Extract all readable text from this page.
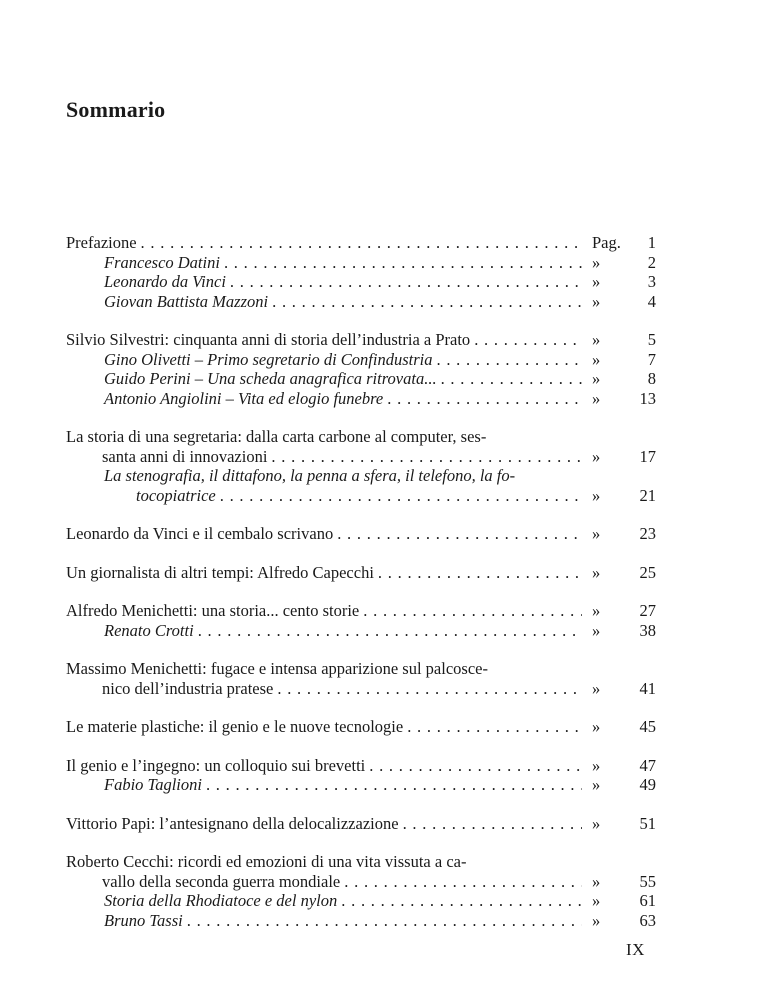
Sommario
Prefazione . . .	Pag.	1
Francesco Datini . . .	»	2
Leonardo da Vinci . . .	»	3
Giovan Battista Mazzoni . . .	»	4
Silvio Silvestri: cinquanta anni di storia dell’industria a Prato . . .	»	5
Gino Olivetti – Primo segretario di Confindustria . . .	»	7
Guido Perini – Una scheda anagrafica ritrovata... . . .	»	8
Antonio Angiolini – Vita ed elogio funebre . . .	»	13
La storia di una segretaria: dalla carta carbone al computer, ses-
santa anni di innovazioni . . .	»	17
La stenografia, il dittafono, la penna a sfera, il telefono, la fo-
tocopiatrice . . .	»	21
Leonardo da Vinci e il cembalo scrivano . . .	»	23
Un giornalista di altri tempi: Alfredo Capecchi . . .	»	25
Alfredo Menichetti: una storia... cento storie . . .	»	27
Renato Crotti . . .	»	38
Massimo Menichetti: fugace e intensa apparizione sul palcosce-
nico dell’industria pratese . . .	»	41
Le materie plastiche: il genio e le nuove tecnologie . . .	»	45
Il genio e l’ingegno: un colloquio sui brevetti . . .	»	47
Fabio Taglioni . . .	»	49
Vittorio Papi: l’antesignano della delocalizzazione . . .	»	51
Roberto Cecchi: ricordi ed emozioni di una vita vissuta a ca-
vallo della seconda guerra mondiale . . .	»	55
Storia della Rhodiatoce e del nylon . . .	»	61
Bruno Tassi . . .	»	63
IX
